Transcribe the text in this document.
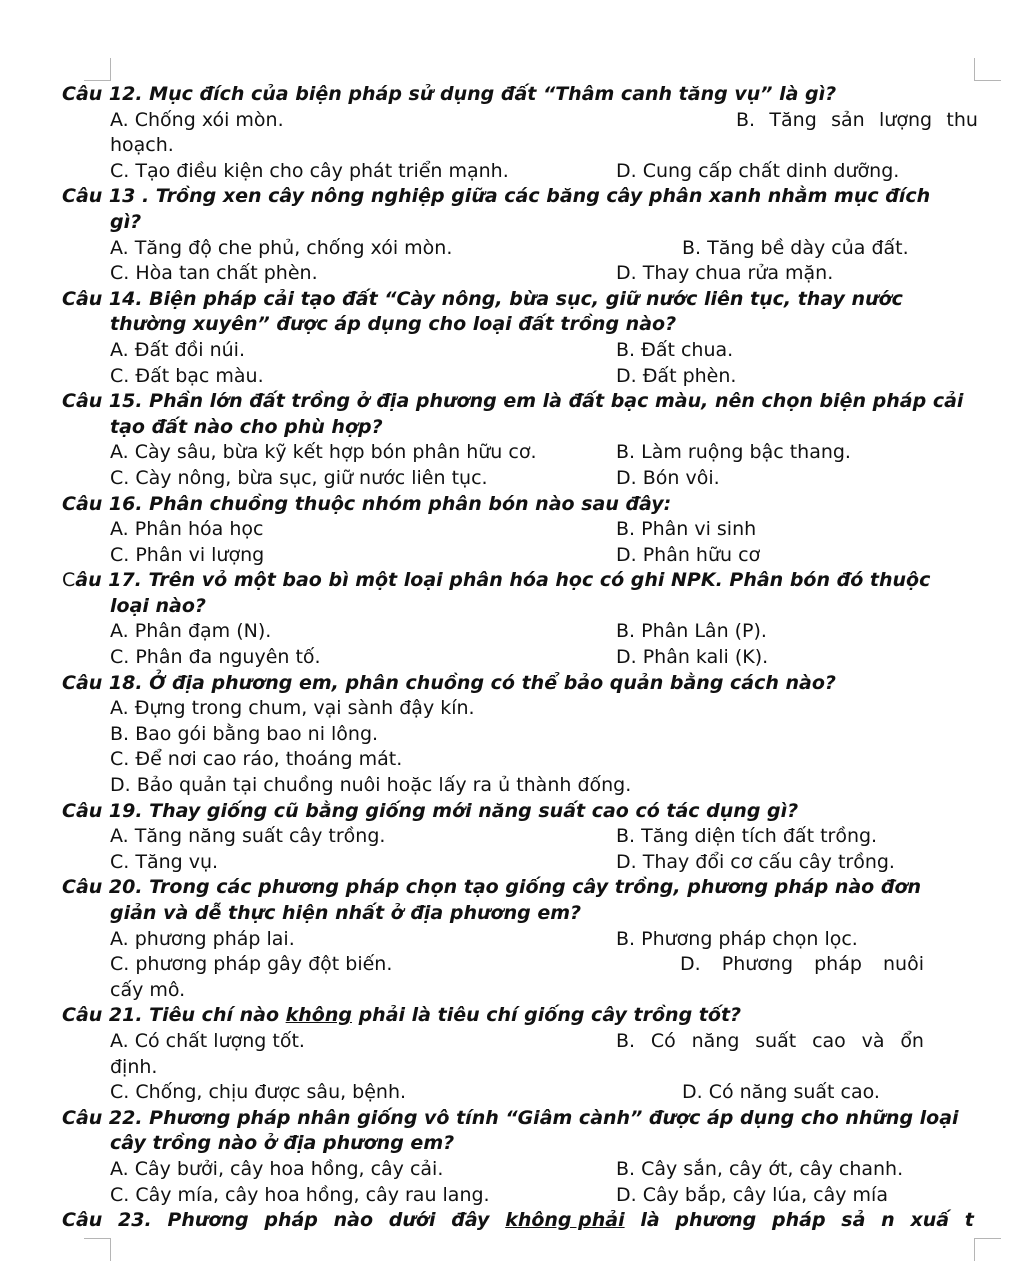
Câu 12. Mục đích của biện pháp sử dụng đất “Thâm canh tăng vụ” là gì?
A. Chống xói mòn.	B. Tăng sản lượng thu
hoạch.
C. Tạo điều kiện cho cây phát triển mạnh.	D. Cung cấp chất dinh dưỡng.
Câu 13 . Trồng xen cây nông nghiệp giữa các băng cây phân xanh nhằm mục đích
gì?
A. Tăng độ che phủ, chống xói mòn.	B. Tăng bề dày của đất.
C. Hòa tan chất phèn.	D. Thay chua rửa mặn.
Câu 14. Biện pháp cải tạo đất “Cày nông, bừa sục, giữ nước liên tục, thay nước
thường xuyên” được áp dụng cho loại đất trồng nào?
A. Đất đồi núi.	B. Đất chua.
C. Đất bạc màu.	D. Đất phèn.
Câu 15. Phần lớn đất trồng ở địa phương em là đất bạc màu, nên chọn biện pháp cải
tạo đất nào cho phù hợp?
A. Cày sâu, bừa kỹ kết hợp bón phân hữu cơ.	B. Làm ruộng bậc thang.
C. Cày nông, bừa sục, giữ nước liên tục.	D. Bón vôi.
Câu 16. Phân chuồng thuộc nhóm phân bón nào sau đây:
A. Phân hóa học	B. Phân vi sinh
C. Phân vi lượng	D. Phân hữu cơ
Câu 17. Trên vỏ một bao bì một loại phân hóa học có ghi NPK. Phân bón đó thuộc
loại nào?
A. Phân đạm (N).	B. Phân Lân (P).
C. Phân đa nguyên tố.	D. Phân kali (K).
Câu 18. Ở địa phương em, phân chuồng có thể bảo quản bằng cách nào?
A. Đựng trong chum, vại sành đậy kín.
B. Bao gói bằng bao ni lông.
C. Để nơi cao ráo, thoáng mát.
D. Bảo quản tại chuồng nuôi hoặc lấy ra ủ thành đống.
Câu 19. Thay giống cũ bằng giống mới năng suất cao có tác dụng gì?
A. Tăng năng suất cây trồng.	B. Tăng diện tích đất trồng.
C. Tăng vụ.	D. Thay đổi cơ cấu cây trồng.
Câu 20. Trong các phương pháp chọn tạo giống cây trồng, phương pháp nào đơn
giản và dễ thực hiện nhất ở địa phương em?
A. phương pháp lai.	B. Phương pháp chọn lọc.
C. phương pháp gây đột biến.	D. Phương pháp nuôi
cấy mô.
Câu 21. Tiêu chí nào không phải là tiêu chí giống cây trồng tốt?
A. Có chất lượng tốt.	B. Có năng suất cao và ổn
định.
C. Chống, chịu được sâu, bệnh.	D. Có năng suất cao.
Câu 22. Phương pháp nhân giống vô tính “Giâm cành” được áp dụng cho những loại
cây trồng nào ở địa phương em?
A. Cây bưởi, cây hoa hồng, cây cải.	B. Cây sắn, cây ớt, cây chanh.
C. Cây mía, cây hoa hồng, cây rau lang.	D. Cây bắp, cây lúa, cây mía
Câu 23. Phương pháp nào dưới đây không phải là phương pháp sả n xuấ t
